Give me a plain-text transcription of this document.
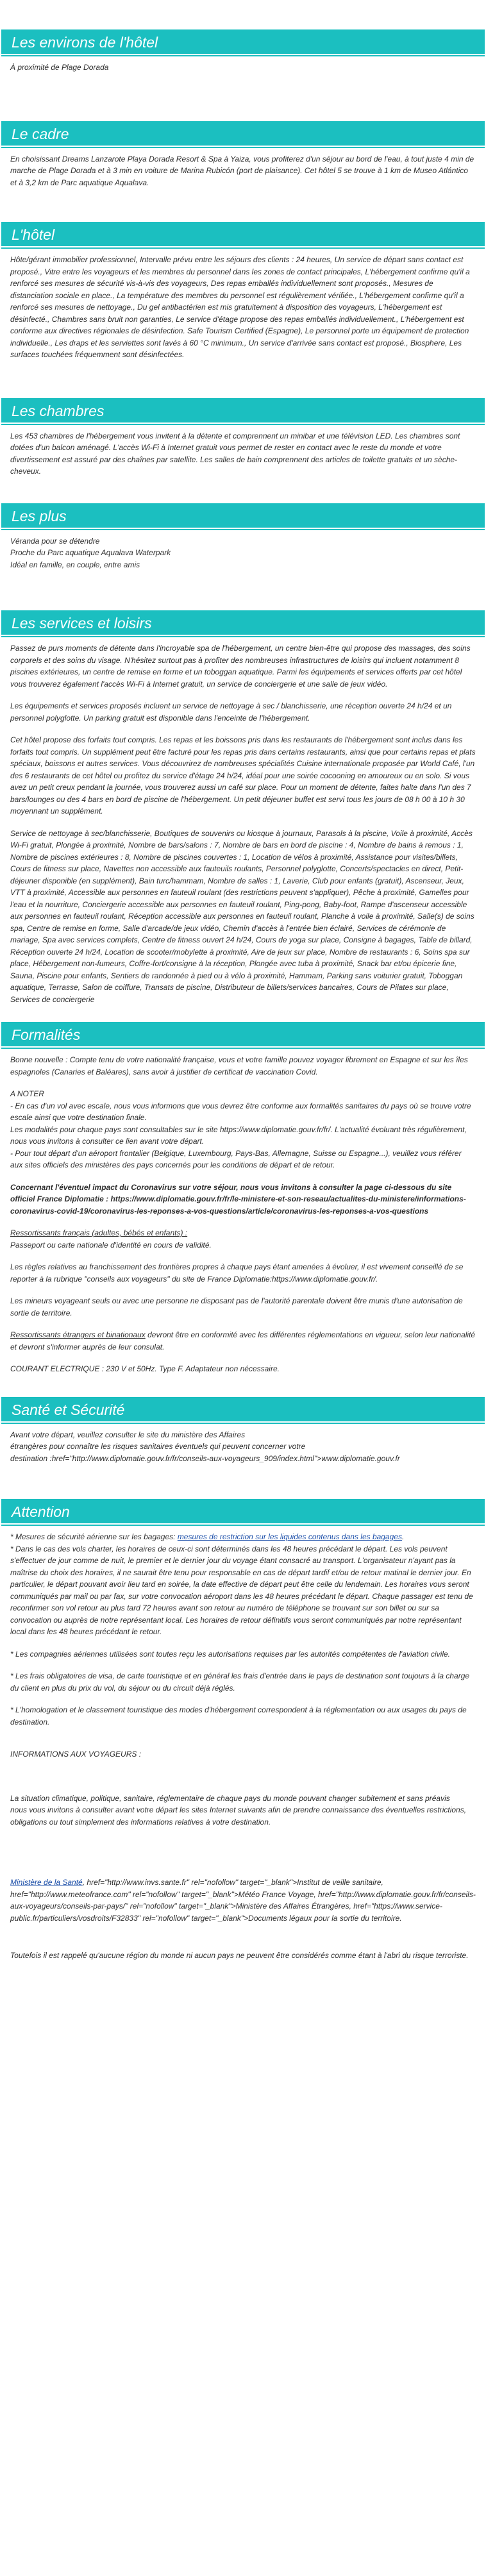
Les environs de l'hôtel

À proximité de Plage Dorada

Le cadre

En choisissant Dreams Lanzarote Playa Dorada Resort & Spa à Yaiza, vous profiterez d'un séjour au bord de l'eau, à tout juste 4 min de marche de Plage Dorada et à 3 min en voiture de Marina Rubicón (port de plaisance). Cet hôtel 5 se trouve à 1 km de Museo Atlántico et à 3,2 km de Parc aquatique Aqualava.

L'hôtel

Hôte/gérant immobilier professionnel, Intervalle prévu entre les séjours des clients : 24 heures, Un service de départ sans contact est proposé., Vitre entre les voyageurs et les membres du personnel dans les zones de contact principales, L'hébergement confirme qu'il a renforcé ses mesures de sécurité vis-à-vis des voyageurs, Des repas emballés individuellement sont proposés., Mesures de distanciation sociale en place., La température des membres du personnel est régulièrement vérifiée., L'hébergement confirme qu'il a renforcé ses mesures de nettoyage., Du gel antibactérien est mis gratuitement à disposition des voyageurs, L'hébergement est désinfecté., Chambres sans bruit non garanties, Le service d'étage propose des repas emballés individuellement., L'hébergement est conforme aux directives régionales de désinfection. Safe Tourism Certified (Espagne), Le personnel porte un équipement de protection individuelle., Les draps et les serviettes sont lavés à 60 °C minimum., Un service d'arrivée sans contact est proposé., Biosphere, Les surfaces touchées fréquemment sont désinfectées.

Les chambres

Les 453 chambres de l'hébergement vous invitent à la détente et comprennent un minibar et une télévision LED. Les chambres sont dotées d'un balcon aménagé. L'accès Wi-Fi à Internet gratuit vous permet de rester en contact avec le reste du monde et votre divertissement est assuré par des chaînes par satellite. Les salles de bain comprennent des articles de toilette gratuits et un sèche-cheveux.

Les plus

Véranda pour se détendre

Proche du Parc aquatique Aqualava Waterpark

Idéal en famille, en couple, entre amis

Les services et loisirs

Passez de purs moments de détente dans l'incroyable spa de l'hébergement, un centre bien-être qui propose des massages, des soins corporels et des soins du visage. N'hésitez surtout pas à profiter des nombreuses infrastructures de loisirs qui incluent notamment 8 piscines extérieures, un centre de remise en forme et un toboggan aquatique. Parmi les équipements et services offerts par cet hôtel vous trouverez également l'accès Wi-Fi à Internet gratuit, un service de conciergerie et une salle de jeux vidéo.

Les équipements et services proposés incluent un service de nettoyage à sec / blanchisserie, une réception ouverte 24 h/24 et un personnel polyglotte. Un parking gratuit est disponible dans l'enceinte de l'hébergement.

Cet hôtel propose des forfaits tout compris. Les repas et les boissons pris dans les restaurants de l'hébergement sont inclus dans les forfaits tout compris. Un supplément peut être facturé pour les repas pris dans certains restaurants, ainsi que pour certains repas et plats spéciaux, boissons et autres services. Vous découvrirez de nombreuses spécialités Cuisine internationale proposée par World Café, l'un des 6 restaurants de cet hôtel ou profitez du service d'étage 24 h/24, idéal pour une soirée cocooning en amoureux ou en solo. Si vous avez un petit creux pendant la journée, vous trouverez aussi un café sur place. Pour un moment de détente, faites halte dans l'un des 7 bars/lounges ou des 4 bars en bord de piscine de l'hébergement. Un petit déjeuner buffet est servi tous les jours de 08 h 00 à 10 h 30 moyennant un supplément.

Service de nettoyage à sec/blanchisserie, Boutiques de souvenirs ou kiosque à journaux, Parasols à la piscine, Voile à proximité, Accès Wi-Fi gratuit, Plongée à proximité, Nombre de bars/salons : 7, Nombre de bars en bord de piscine : 4, Nombre de bains à remous : 1, Nombre de piscines extérieures : 8, Nombre de piscines couvertes : 1, Location de vélos à proximité, Assistance pour visites/billets, Cours de fitness sur place, Navettes non accessible aux fauteuils roulants, Personnel polyglotte, Concerts/spectacles en direct, Petit-déjeuner disponible (en supplément), Bain turc/hammam, Nombre de salles : 1, Laverie, Club pour enfants (gratuit), Ascenseur, Jeux, VTT à proximité, Accessible aux personnes en fauteuil roulant (des restrictions peuvent s'appliquer), Pêche à proximité, Gamelles pour l'eau et la nourriture, Conciergerie accessible aux personnes en fauteuil roulant, Ping-pong, Baby-foot, Rampe d'ascenseur accessible aux personnes en fauteuil roulant, Réception accessible aux personnes en fauteuil roulant, Planche à voile à proximité, Salle(s) de soins spa, Centre de remise en forme, Salle d'arcade/de jeux vidéo, Chemin d'accès à l'entrée bien éclairé, Services de cérémonie de mariage, Spa avec services complets, Centre de fitness ouvert 24 h/24, Cours de yoga sur place, Consigne à bagages, Table de billard, Réception ouverte 24 h/24, Location de scooter/mobylette à proximité, Aire de jeux sur place, Nombre de restaurants : 6, Soins spa sur place, Hébergement non-fumeurs, Coffre-fort/consigne à la réception, Plongée avec tuba à proximité, Snack bar et/ou épicerie fine, Sauna, Piscine pour enfants, Sentiers de randonnée à pied ou à vélo à proximité, Hammam, Parking sans voiturier gratuit, Toboggan aquatique, Terrasse, Salon de coiffure, Transats de piscine, Distributeur de billets/services bancaires, Cours de Pilates sur place, Services de conciergerie

Formalités

Bonne nouvelle : Compte tenu de votre nationalité française, vous et votre famille pouvez voyager librement en Espagne et sur les îles espagnoles (Canaries et Baléares), sans avoir à justifier de certificat de vaccination Covid.

A NOTER

- En cas d'un vol avec escale, nous vous informons que vous devrez être conforme aux formalités sanitaires du pays où se trouve votre escale ainsi que votre destination finale.

Les modalités pour chaque pays sont consultables sur le site https://www.diplomatie.gouv.fr/fr/. L'actualité évoluant très régulièrement, nous vous invitons à consulter ce lien avant votre départ.

- Pour tout départ d'un aéroport frontalier (Belgique, Luxembourg, Pays-Bas, Allemagne, Suisse ou Espagne...), veuillez vous référer aux sites officiels des ministères des pays concernés pour les conditions de départ et de retour.

Concernant l'éventuel impact du Coronavirus sur votre séjour, nous vous invitons à consulter la page ci-dessous du site officiel France Diplomatie : https://www.diplomatie.gouv.fr/fr/le-ministere-et-son-reseau/actualites-du-ministere/informations-coronavirus-covid-19/coronavirus-les-reponses-a-vos-questions/article/coronavirus-les-reponses-a-vos-questions

Ressortissants français (adultes, bébés et enfants) :

Passeport ou carte nationale d'identité en cours de validité.

Les règles relatives au franchissement des frontières propres à chaque pays étant amenées à évoluer, il est vivement conseillé de se reporter à la rubrique "conseils aux voyageurs" du site de France Diplomatie:https://www.diplomatie.gouv.fr/.

Les mineurs voyageant seuls ou avec une personne ne disposant pas de l'autorité parentale doivent être munis d'une autorisation de sortie de territoire.

Ressortissants étrangers et binationaux devront être en conformité avec les différentes réglementations en vigueur, selon leur nationalité et devront s'informer auprès de leur consulat.

COURANT ELECTRIQUE : 230 V et 50Hz. Type F. Adaptateur non nécessaire.

Santé et Sécurité

Avant votre départ, veuillez consulter le site du ministère des Affaires

étrangères pour connaître les risques sanitaires éventuels qui peuvent concerner votre

destination :href="http://www.diplomatie.gouv.fr/fr/conseils-aux-voyageurs_909/index.html">www.diplomatie.gouv.fr

Attention

* Mesures de sécurité aérienne sur les bagages: mesures de restriction sur les liquides contenus dans les bagages.

* Dans le cas des vols charter, les horaires de ceux-ci sont déterminés dans les 48 heures précédant le départ. Les vols peuvent s'effectuer de jour comme de nuit, le premier et le dernier jour du voyage étant consacré au transport. L'organisateur n'ayant pas la maîtrise du choix des horaires, il ne saurait être tenu pour responsable en cas de départ tardif et/ou de retour matinal le dernier jour. En particulier, le départ pouvant avoir lieu tard en soirée, la date effective de départ peut être celle du lendemain. Les horaires vous seront communiqués par mail ou par fax, sur votre convocation aéroport dans les 48 heures précédant le départ. Chaque passager est tenu de reconfirmer son vol retour au plus tard 72 heures avant son retour au numéro de téléphone se trouvant sur son billet ou sur sa convocation ou auprès de notre représentant local. Les horaires de retour définitifs vous seront communiqués par notre représentant local dans les 48 heures précédant le retour.

* Les compagnies aériennes utilisées sont toutes reçu les autorisations requises par les autorités compétentes de l'aviation civile.

* Les frais obligatoires de visa, de carte touristique et en général les frais d'entrée dans le pays de destination sont toujours à la charge du client en plus du prix du vol, du séjour ou du circuit déjà réglés.

* L'homologation et le classement touristique des modes d'hébergement correspondent à la réglementation ou aux usages du pays de destination.

INFORMATIONS AUX VOYAGEURS :

La situation climatique, politique, sanitaire, réglementaire de chaque pays du monde pouvant changer subitement et sans préavis

nous vous invitons à consulter avant votre départ les sites Internet suivants afin de prendre connaissance des éventuelles restrictions, obligations ou tout simplement des informations relatives à votre destination.

Ministère de la Santé, href="http://www.invs.sante.fr" rel="nofollow" target="_blank">Institut de veille sanitaire, href="http://www.meteofrance.com" rel="nofollow" target="_blank">Météo France Voyage, href="http://www.diplomatie.gouv.fr/fr/conseils-aux-voyageurs/conseils-par-pays/" rel="nofollow" target="_blank">Ministère des Affaires Étrangères, href="https://www.service-public.fr/particuliers/vosdroits/F32833" rel="nofollow" target="_blank">Documents légaux pour la sortie du territoire.

Toutefois il est rappelé qu'aucune région du monde ni aucun pays ne peuvent être considérés comme étant à l'abri du risque terroriste.
